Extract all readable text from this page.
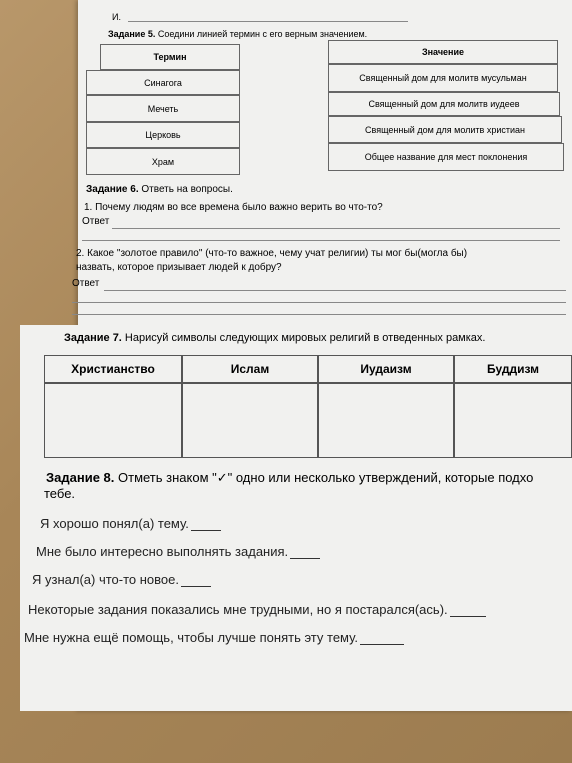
И.
Задание 5. Соедини линией термин с его верным значением.
Термин
Синагога
Мечеть
Церковь
Храм
Значение
Священный дом для молитв мусульман
Священный дом для молитв иудеев
Священный дом для молитв христиан
Общее название для мест поклонения
Задание 6. Ответь на вопросы.
1. Почему людям во все времена было важно верить во что-то?
Ответ
2. Какое "золотое правило" (что-то важное, чему учат религии) ты мог бы(могла бы)
назвать, которое призывает людей к добру?
Ответ
Задание 7. Нарисуй символы следующих мировых религий в отведенных рамках.
Христианство	Ислам	Иудаизм	Буддизм
Задание 8. Отметь знаком "✓" одно или несколько утверждений, которые подхо
тебе.
Я хорошо понял(а) тему.
Мне было интересно выполнять задания.
Я узнал(а) что-то новое.
Некоторые задания показались мне трудными, но я постарался(ась).
Мне нужна ещё помощь, чтобы лучше понять эту тему.
